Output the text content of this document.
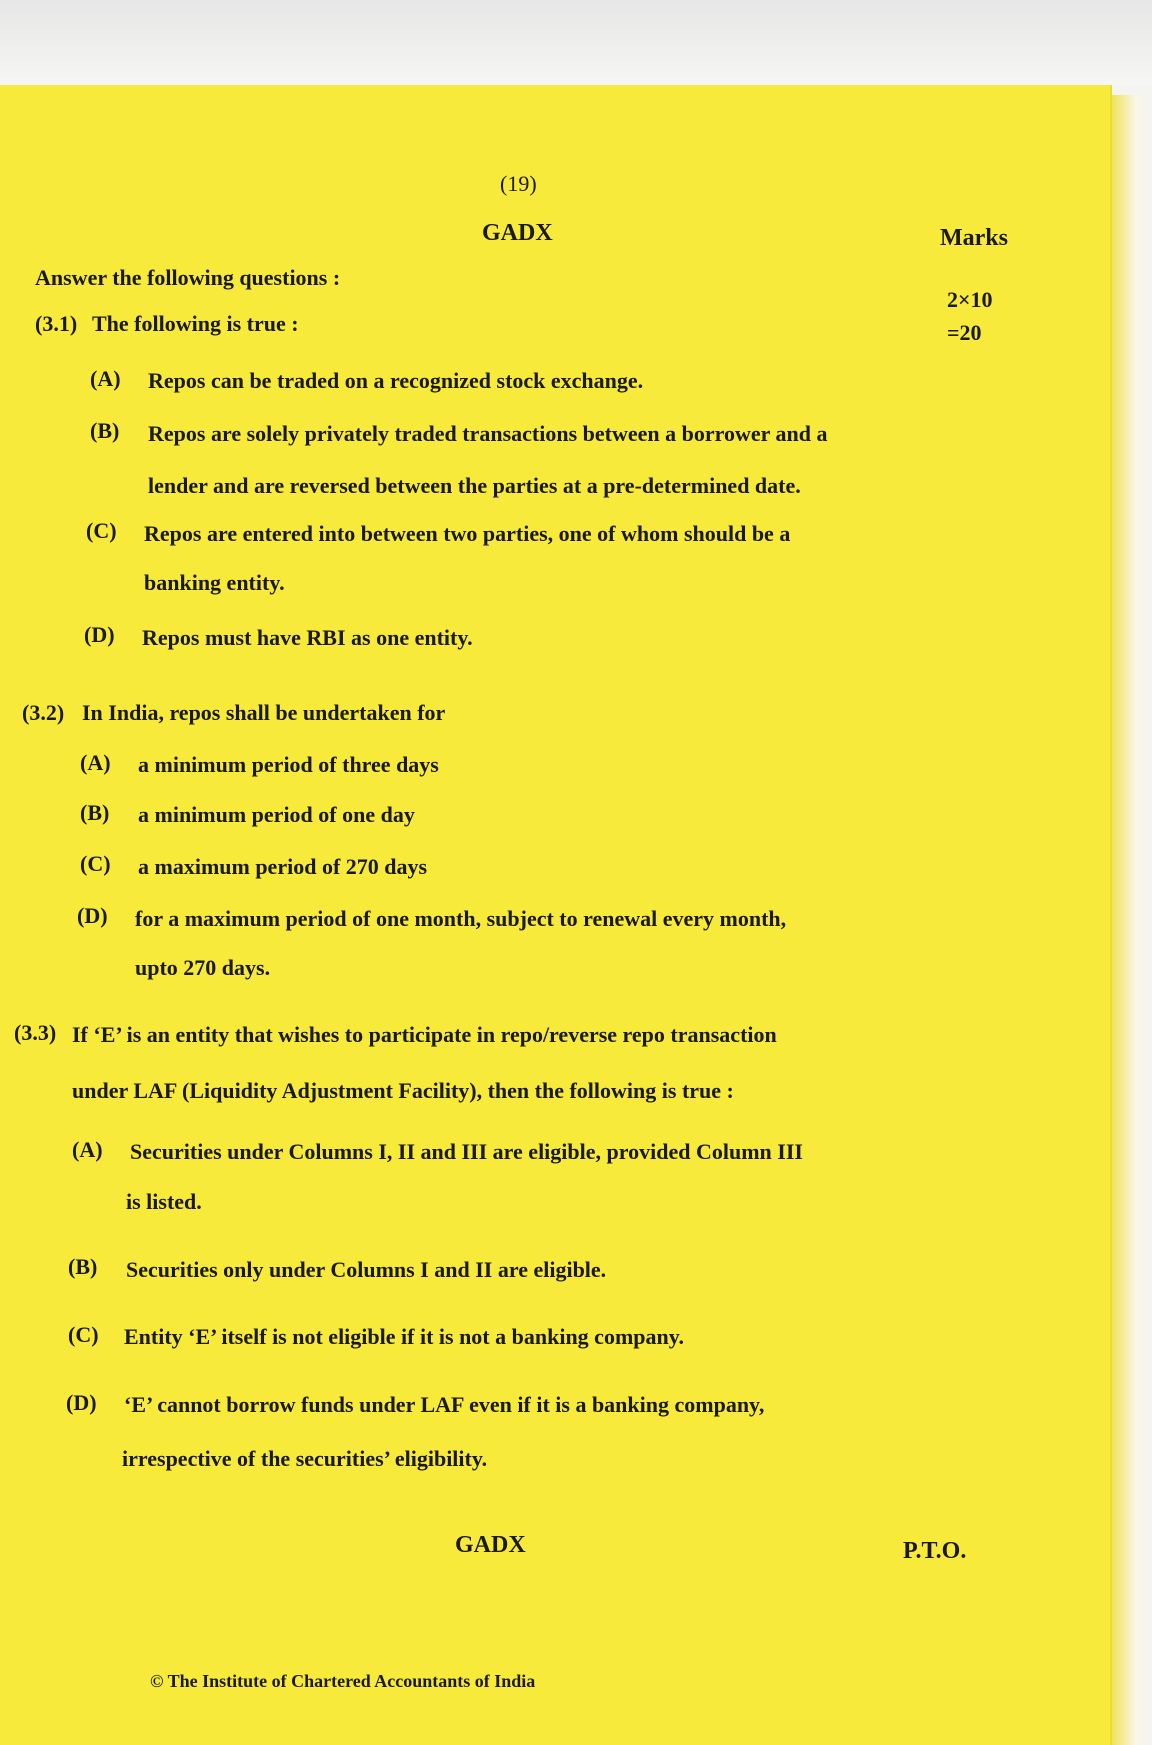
(19)
GADX	Marks
2×10
=20
Answer the following questions :
(3.1) The following is true :
(A)	Repos can be traded on a recognized stock exchange.
(B)	Repos are solely privately traded transactions between a borrower and a
lender and are reversed between the parties at a pre-determined date.
(C)	Repos are entered into between two parties, one of whom should be a
banking entity.
(D)	Repos must have RBI as one entity.
(3.2) In India, repos shall be undertaken for
(A)	a minimum period of three days
(B)	a minimum period of one day
(C)	a maximum period of 270 days
(D)	for a maximum period of one month, subject to renewal every month,
upto 270 days.
(3.3) If ‘E’ is an entity that wishes to participate in repo/reverse repo transaction
under LAF (Liquidity Adjustment Facility), then the following is true :
(A)	Securities under Columns I, II and III are eligible, provided Column III
is listed.
(B)	Securities only under Columns I and II are eligible.
(C)	Entity ‘E’ itself is not eligible if it is not a banking company.
(D)	‘E’ cannot borrow funds under LAF even if it is a banking company,
irrespective of the securities’ eligibility.
GADX	P.T.O.
© The Institute of Chartered Accountants of India
